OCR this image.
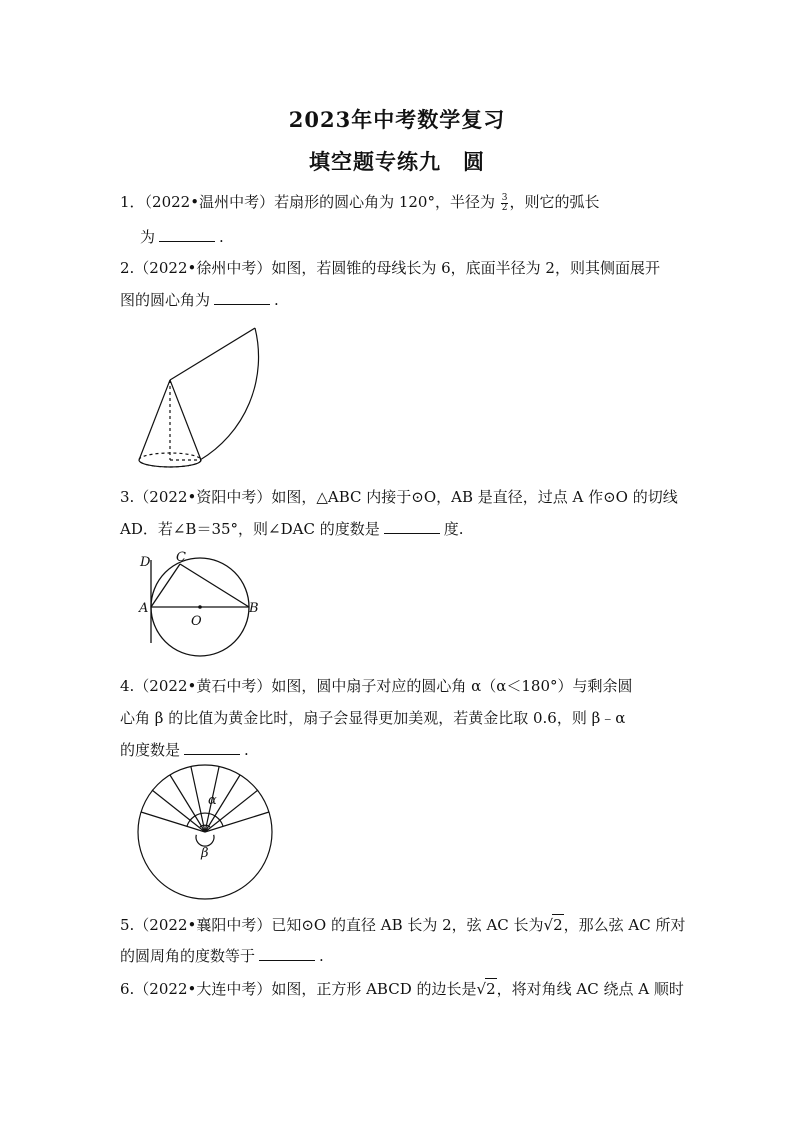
2023年中考数学复习
填空题专练九　圆
1．（2022•温州中考）若扇形的圆心角为 120°，半径为 $\frac{3}{2}$ ，则它的弧长
为	.
2.（2022•徐州中考）如图，若圆锥的母线长为 6，底面半径为 2，则其侧面展开
图的圆心角为	.
3.（2022•资阳中考）如图，△ABC 内接于⊙O，AB 是直径，过点 A 作⊙O 的切线
AD．若∠B＝35°，则∠DAC 的度数是	度.
D C
A	B
O
4.（2022•黄石中考）如图，圆中扇子对应的圆心角 α（α＜180°）与剩余圆
心角 β 的比值为黄金比时，扇子会显得更加美观，若黄金比取 0.6，则 β﹣α
的度数是	.
α
β
5.（2022•襄阳中考）已知⊙O 的直径 AB 长为 2，弦 AC 长为√2，那么弦 AC 所对
的圆周角的度数等于	.
6.（2022•大连中考）如图，正方形 ABCD 的边长是√2，将对角线 AC 绕点 A 顺时
